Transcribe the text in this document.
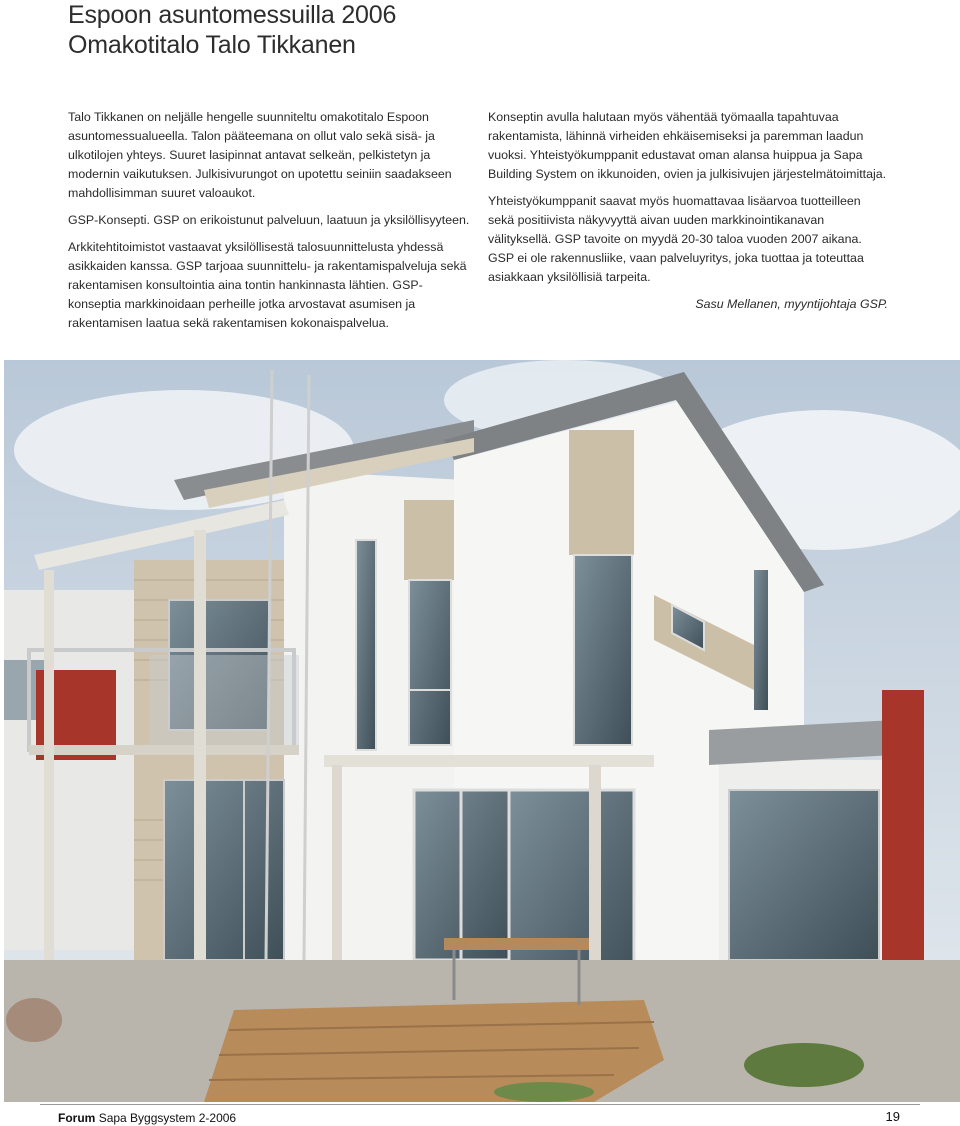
Espoon asuntomessuilla 2006
Omakotitalo Talo Tikkanen

Talo Tikkanen on neljälle hengelle suunniteltu omakotitalo Espoon asuntomessualueella. Talon pääteemana on ollut valo sekä sisä- ja ulkotilojen yhteys. Suuret lasipinnat antavat selkeän, pelkistetyn ja modernin vaikutuksen. Julkisivurungot on upotettu seiniin saadakseen mahdollisimman suuret valoaukot.

GSP-Konsepti. GSP on erikoistunut palveluun, laatuun ja yksilöllisyyteen.

Arkkitehtitoimistot vastaavat yksilöllisestä talosuunnittelusta yhdessä asikkaiden kanssa. GSP tarjoaa suunnittelu- ja rakentamispalveluja sekä rakentamisen konsultointia aina tontin hankinnasta lähtien. GSP-konseptia markkinoidaan perheille jotka arvostavat asumisen ja rakentamisen laatua sekä rakentamisen kokonaispalvelua.

Konseptin avulla halutaan myös vähentää työmaalla tapahtuvaa rakentamista, lähinnä virheiden ehkäisemiseksi ja paremman laadun vuoksi. Yhteistyökumppanit edustavat oman alansa huippua ja Sapa Building System on ikkunoiden, ovien ja julkisivujen järjestelmätoimittaja.

Yhteistyökumppanit saavat myös huomattavaa lisäarvoa tuotteilleen sekä positiivista näkyvyyttä aivan uuden markkinointikanavan välityksellä. GSP tavoite on myydä 20-30 taloa vuoden 2007 aikana. GSP ei ole rakennusliike, vaan palveluyritys, joka tuottaa ja toteuttaa asiakkaan yksilöllisiä tarpeita.

Sasu Mellanen, myyntijohtaja GSP.

Forum Sapa Byggsystem 2-2006	19
